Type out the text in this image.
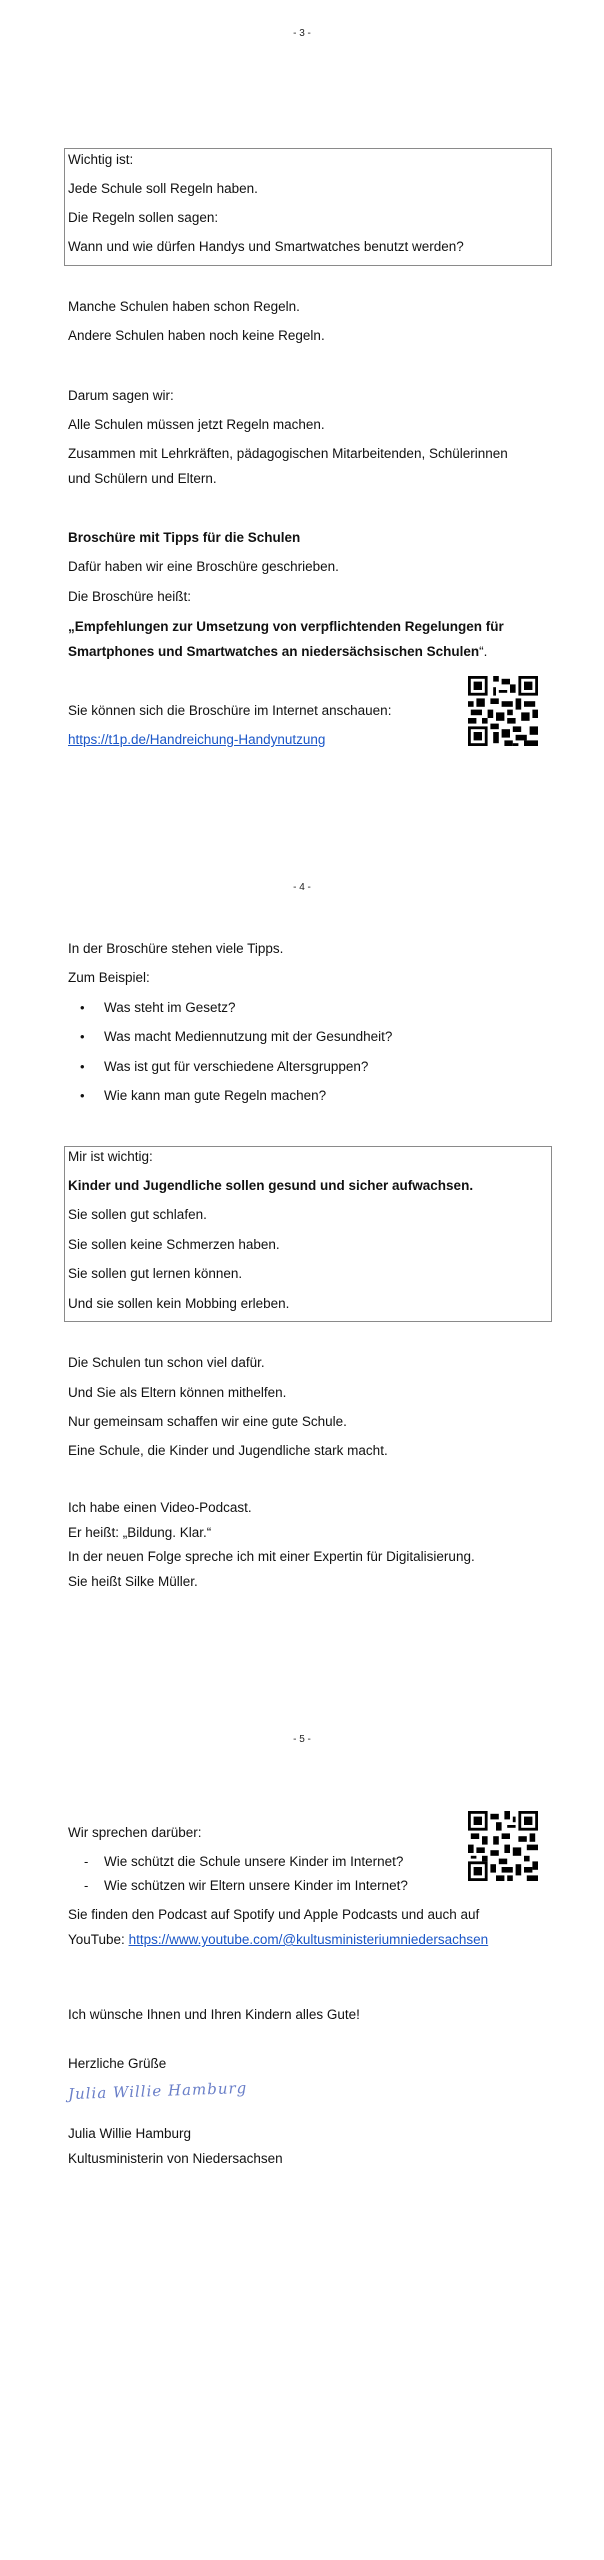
- 3 -
Wichtig ist:
Jede Schule soll Regeln haben.
Die Regeln sollen sagen:
Wann und wie dürfen Handys und Smartwatches benutzt werden?
Manche Schulen haben schon Regeln.
Andere Schulen haben noch keine Regeln.
Darum sagen wir:
Alle Schulen müssen jetzt Regeln machen.
Zusammen mit Lehrkräften, pädagogischen Mitarbeitenden, Schülerinnen
und Schülern und Eltern.
Broschüre mit Tipps für die Schulen
Dafür haben wir eine Broschüre geschrieben.
Die Broschüre heißt:
„Empfehlungen zur Umsetzung von verpflichtenden Regelungen für
Smartphones und Smartwatches an niedersächsischen Schulen“.
Sie können sich die Broschüre im Internet anschauen:
https://t1p.de/Handreichung-Handynutzung
- 4 -
In der Broschüre stehen viele Tipps.
Zum Beispiel:
• Was steht im Gesetz?
• Was macht Mediennutzung mit der Gesundheit?
• Was ist gut für verschiedene Altersgruppen?
• Wie kann man gute Regeln machen?
Mir ist wichtig:
Kinder und Jugendliche sollen gesund und sicher aufwachsen.
Sie sollen gut schlafen.
Sie sollen keine Schmerzen haben.
Sie sollen gut lernen können.
Und sie sollen kein Mobbing erleben.
Die Schulen tun schon viel dafür.
Und Sie als Eltern können mithelfen.
Nur gemeinsam schaffen wir eine gute Schule.
Eine Schule, die Kinder und Jugendliche stark macht.
Ich habe einen Video-Podcast.
Er heißt: „Bildung. Klar.“
In der neuen Folge spreche ich mit einer Expertin für Digitalisierung.
Sie heißt Silke Müller.
- 5 -
Wir sprechen darüber:
- Wie schützt die Schule unsere Kinder im Internet?
- Wie schützen wir Eltern unsere Kinder im Internet?
Sie finden den Podcast auf Spotify und Apple Podcasts und auch auf
YouTube: https://www.youtube.com/@kultusministeriumniedersachsen
Ich wünsche Ihnen und Ihren Kindern alles Gute!
Herzliche Grüße
Julia Willie Hamburg
Julia Willie Hamburg
Kultusministerin von Niedersachsen
